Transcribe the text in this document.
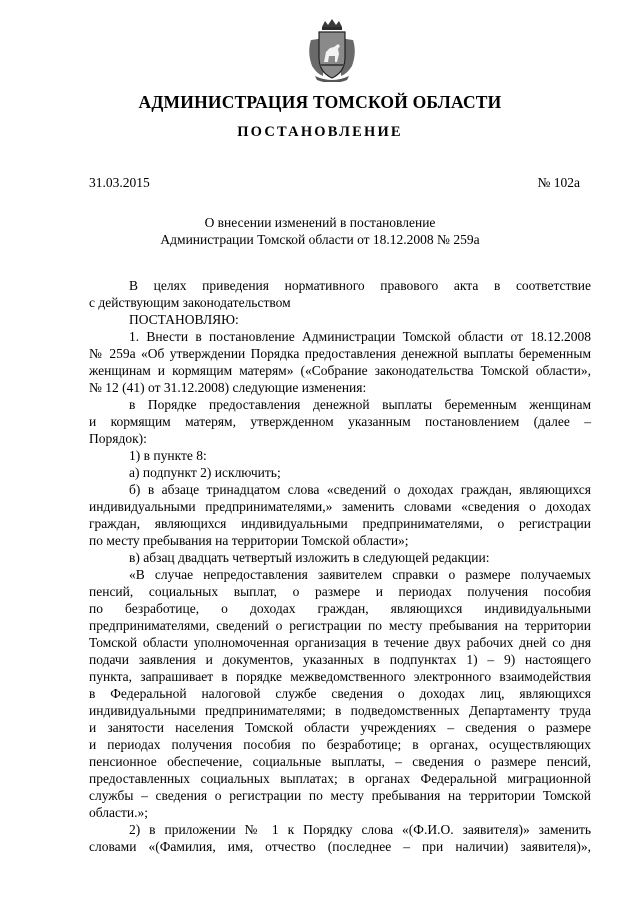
АДМИНИСТРАЦИЯ ТОМСКОЙ ОБЛАСТИ
ПОСТАНОВЛЕНИЕ
31.03.2015	№ 102а
О внесении изменений в постановление
Администрации Томской области от 18.12.2008 № 259а
В целях приведения нормативного правового акта в соответствие
с действующим законодательством
ПОСТАНОВЛЯЮ:
1. Внести в постановление Администрации Томской области от 18.12.2008
№ 259а «Об утверждении Порядка предоставления денежной выплаты беременным
женщинам и кормящим матерям» («Собрание законодательства Томской области»,
№ 12 (41) от 31.12.2008) следующие изменения:
в Порядке предоставления денежной выплаты беременным женщинам
и кормящим матерям, утвержденном указанным постановлением (далее –
Порядок):
1) в пункте 8:
а) подпункт 2) исключить;
б) в абзаце тринадцатом слова «сведений о доходах граждан, являющихся
индивидуальными предпринимателями,» заменить словами «сведения о доходах
граждан, являющихся индивидуальными предпринимателями, о регистрации
по месту пребывания на территории Томской области»;
в) абзац двадцать четвертый изложить в следующей редакции:
«В случае непредоставления заявителем справки о размере получаемых
пенсий, социальных выплат, о размере и периодах получения пособия
по безработице, о доходах граждан, являющихся индивидуальными
предпринимателями, сведений о регистрации по месту пребывания на территории
Томской области уполномоченная организация в течение двух рабочих дней со дня
подачи заявления и документов, указанных в подпунктах 1) – 9) настоящего
пункта, запрашивает в порядке межведомственного электронного взаимодействия
в Федеральной налоговой службе сведения о доходах лиц, являющихся
индивидуальными предпринимателями; в подведомственных Департаменту труда
и занятости населения Томской области учреждениях – сведения о размере
и периодах получения пособия по безработице; в органах, осуществляющих
пенсионное обеспечение, социальные выплаты, – сведения о размере пенсий,
предоставленных социальных выплатах; в органах Федеральной миграционной
службы – сведения о регистрации по месту пребывания на территории Томской
области.»;
2) в приложении № 1 к Порядку слова «(Ф.И.О. заявителя)» заменить
словами «(Фамилия, имя, отчество (последнее – при наличии) заявителя)»,
